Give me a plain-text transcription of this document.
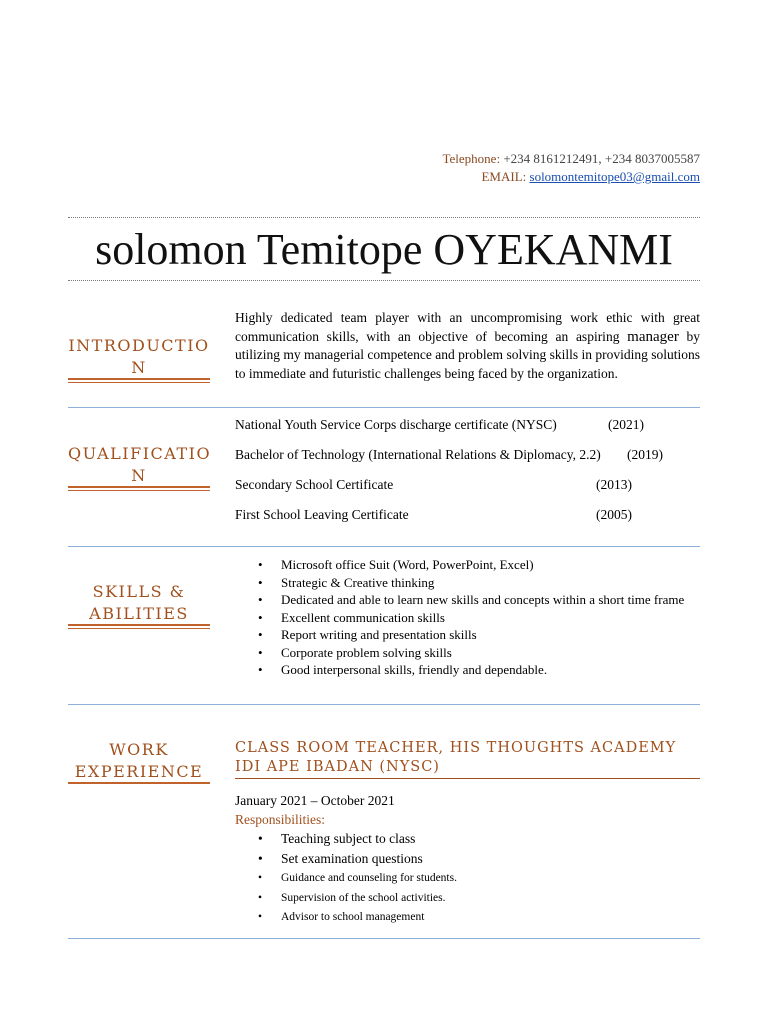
Telephone: +234 8161212491, +234 8037005587
EMAIL: solomontemitope03@gmail.com
solomon Temitope OYEKANMI
INTRODUCTIO
N
Highly dedicated team player with an uncompromising work ethic with great communication skills, with an objective of becoming an aspiring manager by utilizing my managerial competence and problem solving skills in providing solutions to immediate and futuristic challenges being faced by the organization.
QUALIFICATIO
N
National Youth Service Corps discharge certificate (NYSC)	(2021)
Bachelor of Technology (International Relations & Diplomacy, 2.2) (2019)
Secondary School Certificate	(2013)
First School Leaving Certificate	(2005)
SKILLS &
ABILITIES
• Microsoft office Suit (Word, PowerPoint, Excel)
• Strategic & Creative thinking
• Dedicated and able to learn new skills and concepts within a short time frame
• Excellent communication skills
• Report writing and presentation skills
• Corporate problem solving skills
• Good interpersonal skills, friendly and dependable.
WORK
EXPERIENCE
CLASS ROOM TEACHER, HIS THOUGHTS ACADEMY IDI APE IBADAN (NYSC)
January 2021 – October 2021
Responsibilities:
• Teaching subject to class
• Set examination questions
• Guidance and counseling for students.
• Supervision of the school activities.
• Advisor to school management
